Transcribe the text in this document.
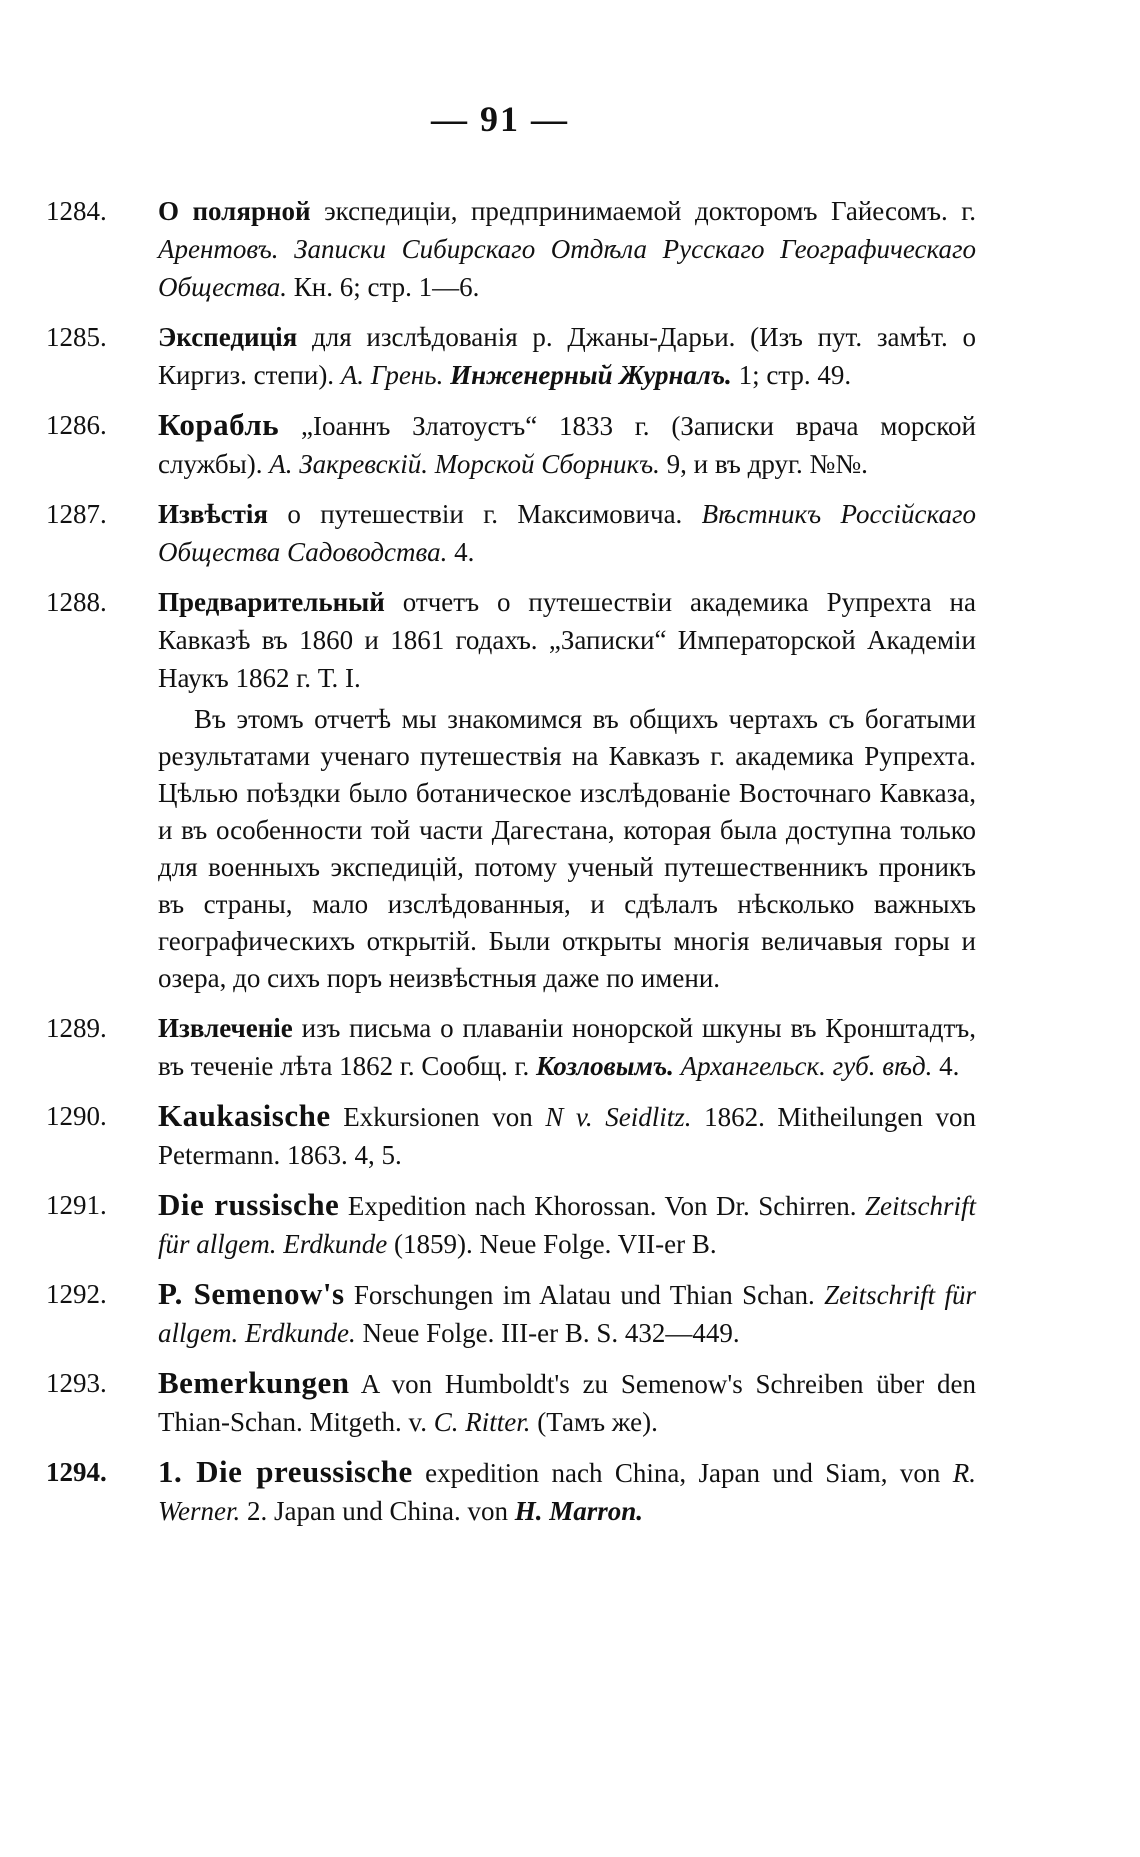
— 91 —
1284.	О полярной экспедиціи, предпринимаемой докторомъ Гайесомъ. г. Арентовъ. Записки Сибирскаго Отдѣла Русскаго Географическаго Общества. Кн. 6; стр. 1—6.
1285.	Экспедиція для изслѣдованія р. Джаны-Дарьи. (Изъ пут. замѣт. о Киргиз. степи). А. Грень. Инженерный Журналъ. 1; стр. 49.
1286.	Корабль „Іоаннъ Златоустъ“ 1833 г. (Записки врача морской службы). А. Закревскій. Морской Сборникъ. 9, и въ друг. №№.
1287.	Извѣстія о путешествіи г. Максимовича. Вѣстникъ Россійскаго Общества Садоводства. 4.
1288.	Предварительный отчетъ о путешествіи академика Рупрехта на Кавказѣ въ 1860 и 1861 годахъ. „Записки“ Императорской Академіи Наукъ 1862 г. Т. I.
Въ этомъ отчетѣ мы знакомимся въ общихъ чертахъ съ богатыми результатами ученаго путешествія на Кавказъ г. академика Рупрехта. Цѣлью поѣздки было ботаническое изслѣдованіе Восточнаго Кавказа, и въ особенности той части Дагестана, которая была доступна только для военныхъ экспедицій, потому ученый путешественникъ проникъ въ страны, мало изслѣдованныя, и сдѣлалъ нѣсколько важныхъ географическихъ открытій. Были открыты многія величавыя горы и озера, до сихъ поръ неизвѣстныя даже по имени.
1289.	Извлеченіе изъ письма о плаваніи нонорской шкуны въ Кронштадтъ, въ теченіе лѣта 1862 г. Сообщ. г. Козловымъ. Архангельск. губ. вѣд. 4.
1290.	Kaukasische Exkursionen von N v. Seidlitz. 1862. Mitheilungen von Petermann. 1863. 4, 5.
1291.	Die russische Expedition nach Khorossan. Von Dr. Schirren. Zeitschrift für allgem. Erdkunde (1859). Neue Folge. VII-er B.
1292.	P. Semenow's Forschungen im Alatau und Thian Schan. Zeitschrift für allgem. Erdkunde. Neue Folge. III-er B. S. 432—449.
1293.	Bemerkungen A von Humboldt's zu Semenow's Schreiben über den Thian-Schan. Mitgeth. v. C. Ritter. (Тамъ же).
1294.	1. Die preussische expedition nach China, Japan und Siam, von R. Werner. 2. Japan und China. von H. Marron.
